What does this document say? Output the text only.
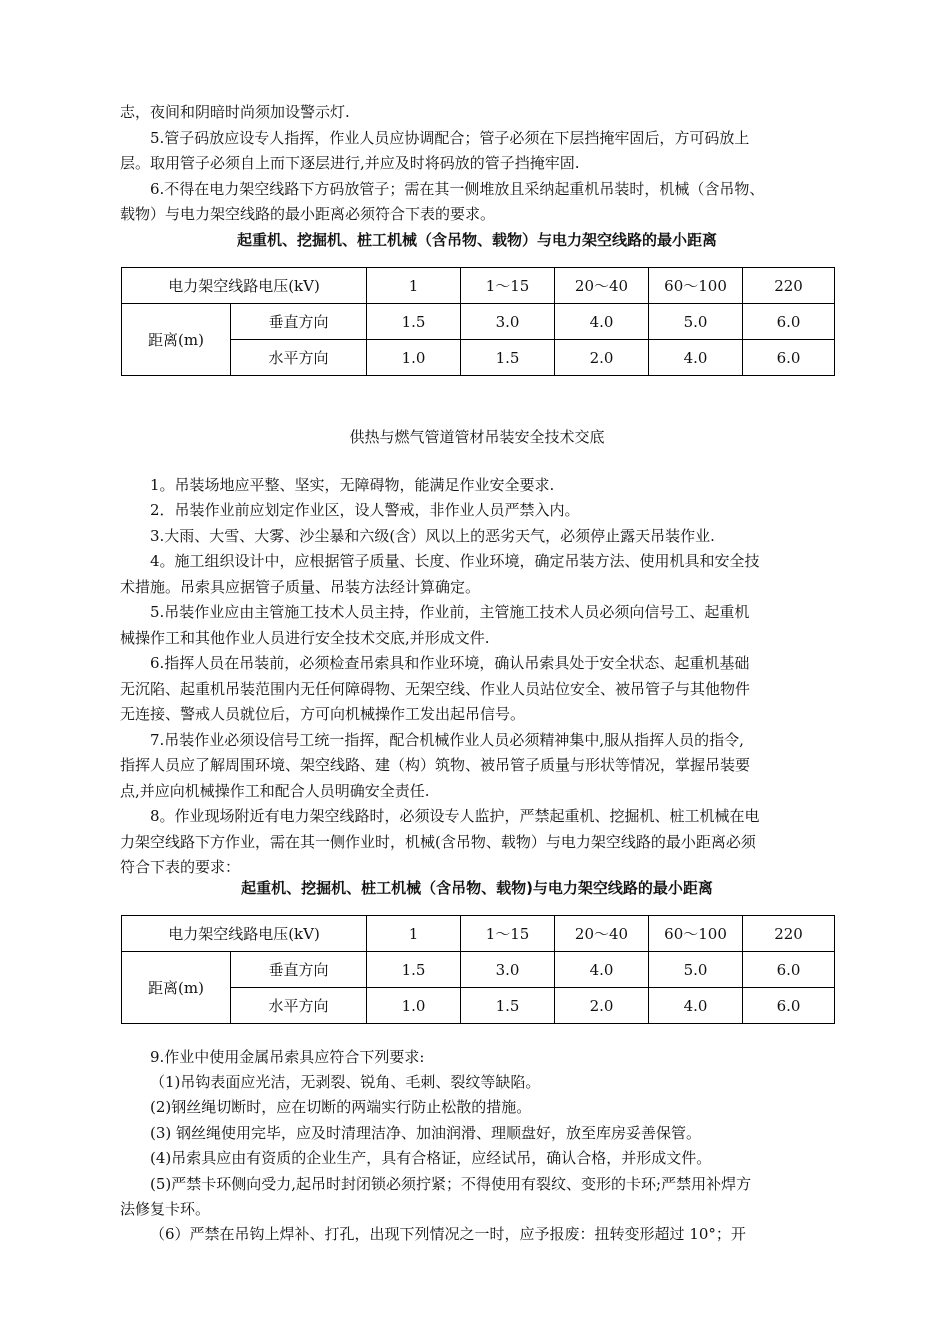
志，夜间和阴暗时尚须加设警示灯.

5.管子码放应设专人指挥，作业人员应协调配合；管子必须在下层挡掩牢固后，方可码放上

层。取用管子必须自上而下逐层进行,并应及时将码放的管子挡掩牢固.

6.不得在电力架空线路下方码放管子；需在其一侧堆放且采纳起重机吊装时，机械（含吊物、

载物）与电力架空线路的最小距离必须符合下表的要求。

起重机、挖掘机、桩工机械（含吊物、载物）与电力架空线路的最小距离

电力架空线路电压(kV)		1	1～15	20～40	60～100	220
距离(m)	垂直方向	1.5	3.0	4.0	5.0	6.0
	水平方向	1.0	1.5	2.0	4.0	6.0

供热与燃气管道管材吊装安全技术交底

1。吊装场地应平整、坚实，无障碍物，能满足作业安全要求.

2．吊装作业前应划定作业区，设人警戒，非作业人员严禁入内。

3.大雨、大雪、大雾、沙尘暴和六级(含）风以上的恶劣天气，必须停止露天吊装作业.

4。施工组织设计中，应根据管子质量、长度、作业环境，确定吊装方法、使用机具和安全技

术措施。吊索具应据管子质量、吊装方法经计算确定。

5.吊装作业应由主管施工技术人员主持，作业前，主管施工技术人员必须向信号工、起重机

械操作工和其他作业人员进行安全技术交底,并形成文件.

6.指挥人员在吊装前，必须检查吊索具和作业环境，确认吊索具处于安全状态、起重机基础

无沉陷、起重机吊装范围内无任何障碍物、无架空线、作业人员站位安全、被吊管子与其他物件

无连接、警戒人员就位后，方可向机械操作工发出起吊信号。

7.吊装作业必须设信号工统一指挥，配合机械作业人员必须精神集中,服从指挥人员的指令,

指挥人员应了解周围环境、架空线路、建（构）筑物、被吊管子质量与形状等情况，掌握吊装要

点,并应向机械操作工和配合人员明确安全责任.

8。作业现场附近有电力架空线路时，必须设专人监护，严禁起重机、挖掘机、桩工机械在电

力架空线路下方作业，需在其一侧作业时，机械(含吊物、载物）与电力架空线路的最小距离必须

符合下表的要求：

起重机、挖掘机、桩工机械（含吊物、载物)与电力架空线路的最小距离

电力架空线路电压(kV)		1	1～15	20～40	60～100	220
距离(m)	垂直方向	1.5	3.0	4.0	5.0	6.0
	水平方向	1.0	1.5	2.0	4.0	6.0

9.作业中使用金属吊索具应符合下列要求:

（1)吊钩表面应光洁，无剥裂、锐角、毛刺、裂纹等缺陷。

(2)钢丝绳切断时，应在切断的两端实行防止松散的措施。

(3) 钢丝绳使用完毕，应及时清理洁净、加油润滑、理顺盘好，放至库房妥善保管。

(4)吊索具应由有资质的企业生产，具有合格证，应经试吊，确认合格，并形成文件。

(5)严禁卡环侧向受力,起吊时封闭锁必须拧紧；不得使用有裂纹、变形的卡环;严禁用补焊方

法修复卡环。

（6）严禁在吊钩上焊补、打孔，出现下列情况之一时，应予报废：扭转变形超过 10°；开
